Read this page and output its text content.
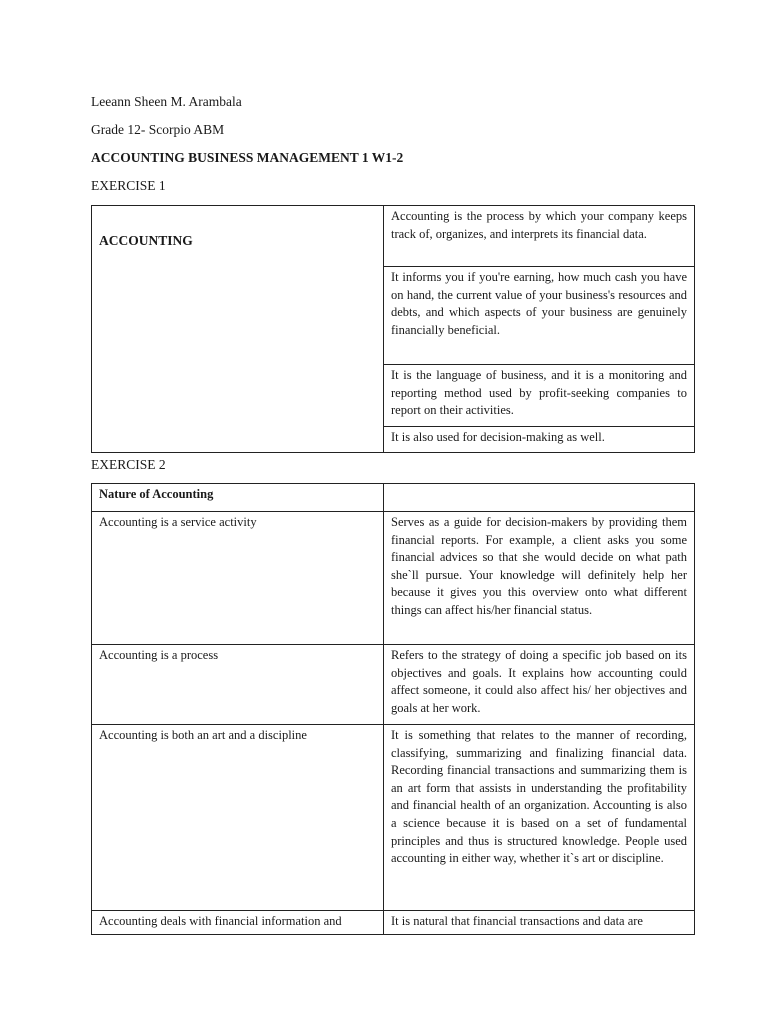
Leeann Sheen M. Arambala
Grade 12- Scorpio ABM
ACCOUNTING BUSINESS MANAGEMENT 1 W1-2
EXERCISE 1
ACCOUNTING	Accounting is the process by which your company keeps track of, organizes, and interprets its financial data.
It informs you if you're earning, how much cash you have on hand, the current value of your business's resources and debts, and which aspects of your business are genuinely financially beneficial.
It is the language of business, and it is a monitoring and reporting method used by profit-seeking companies to report on their activities.
It is also used for decision-making as well.
EXERCISE 2
Nature of Accounting	
Accounting is a service activity	Serves as a guide for decision-makers by providing them financial reports. For example, a client asks you some financial advices so that she would decide on what path she`ll pursue. Your knowledge will definitely help her because it gives you this overview onto what different things can affect his/her financial status.
Accounting is a process	Refers to the strategy of doing a specific job based on its objectives and goals. It explains how accounting could affect someone, it could also affect his/ her objectives and goals at her work.
Accounting is both an art and a discipline	It is something that relates to the manner of recording, classifying, summarizing and finalizing financial data. Recording financial transactions and summarizing them is an art form that assists in understanding the profitability and financial health of an organization. Accounting is also a science because it is based on a set of fundamental principles and thus is structured knowledge. People used accounting in either way, whether it`s art or discipline.
Accounting deals with financial information and	It is natural that financial transactions and data are
